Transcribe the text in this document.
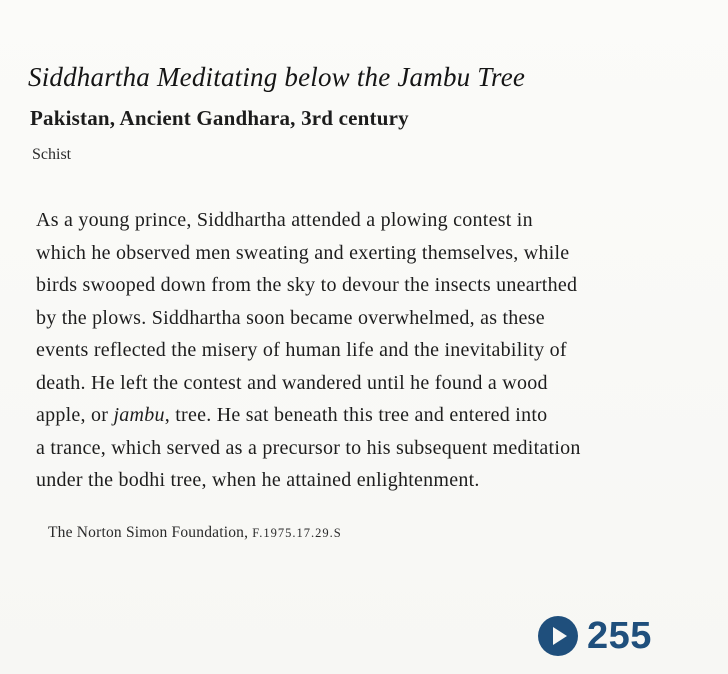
Siddhartha Meditating below the Jambu Tree
Pakistan, Ancient Gandhara, 3rd century
Schist
As a young prince, Siddhartha attended a plowing contest in
which he observed men sweating and exerting themselves, while
birds swooped down from the sky to devour the insects unearthed
by the plows. Siddhartha soon became overwhelmed, as these
events reflected the misery of human life and the inevitability of
death. He left the contest and wandered until he found a wood
apple, or jambu, tree. He sat beneath this tree and entered into
a trance, which served as a precursor to his subsequent meditation
under the bodhi tree, when he attained enlightenment.
The Norton Simon Foundation, F.1975.17.29.S
255
